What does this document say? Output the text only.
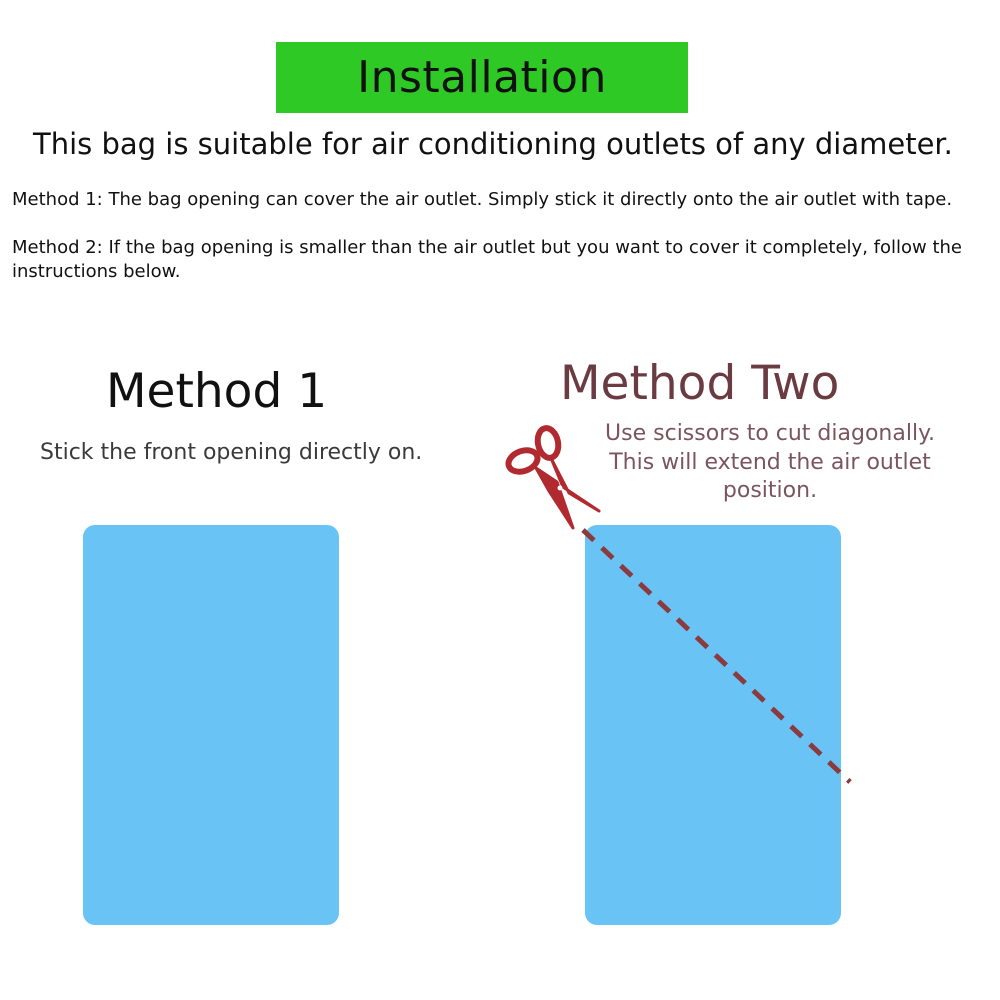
Installation
This bag is suitable for air conditioning outlets of any diameter.
Method 1: The bag opening can cover the air outlet. Simply stick it directly onto the air outlet with tape.
Method 2: If the bag opening is smaller than the air outlet but you want to cover it completely, follow the instructions below.
Method 1
Stick the front opening directly on.
Method Two
Use scissors to cut diagonally. This will extend the air outlet position.
